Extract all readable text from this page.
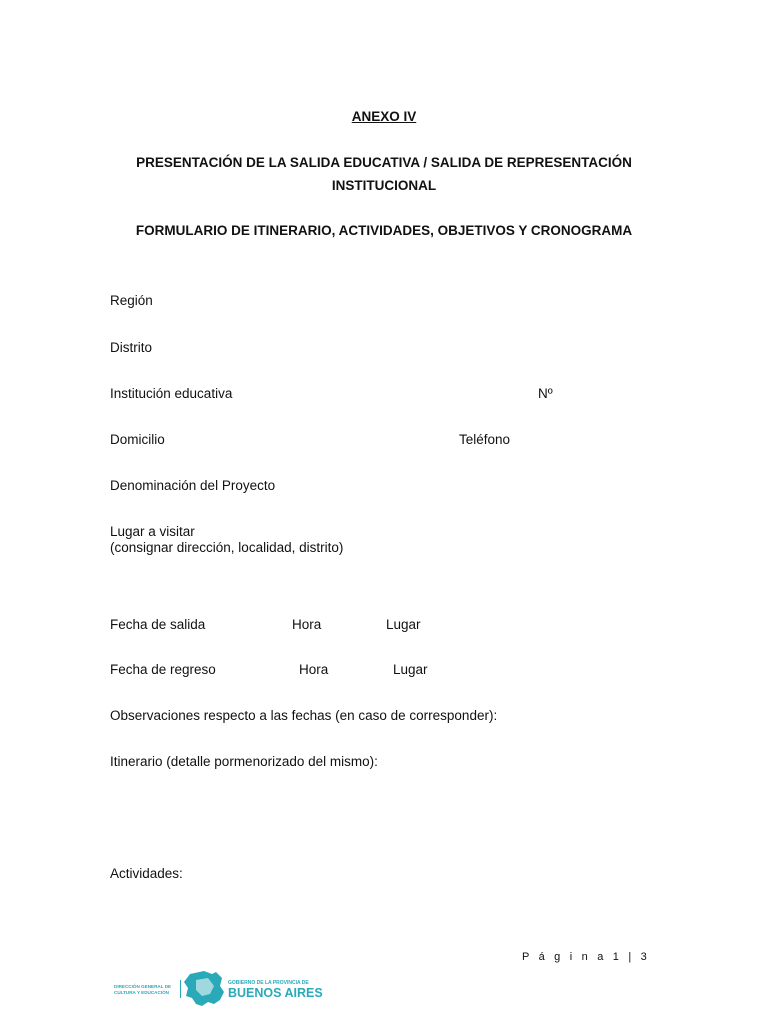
ANEXO IV
PRESENTACIÓN DE LA SALIDA EDUCATIVA / SALIDA DE REPRESENTACIÓN
INSTITUCIONAL
FORMULARIO DE ITINERARIO, ACTIVIDADES, OBJETIVOS Y CRONOGRAMA
Región
Distrito
Institución educativa	Nº
Domicilio	Teléfono
Denominación del Proyecto
Lugar a visitar
(consignar dirección, localidad, distrito)
Fecha de salida	Hora	Lugar
Fecha de regreso	Hora	Lugar
Observaciones respecto a las fechas (en caso de corresponder):
Itinerario (detalle pormenorizado del mismo):
Actividades:
P á g i n a 1 | 3
DIRECCIÓN GENERAL DE
CULTURA Y EDUCACIÓN
GOBIERNO DE LA PROVINCIA DE
BUENOS AIRES
